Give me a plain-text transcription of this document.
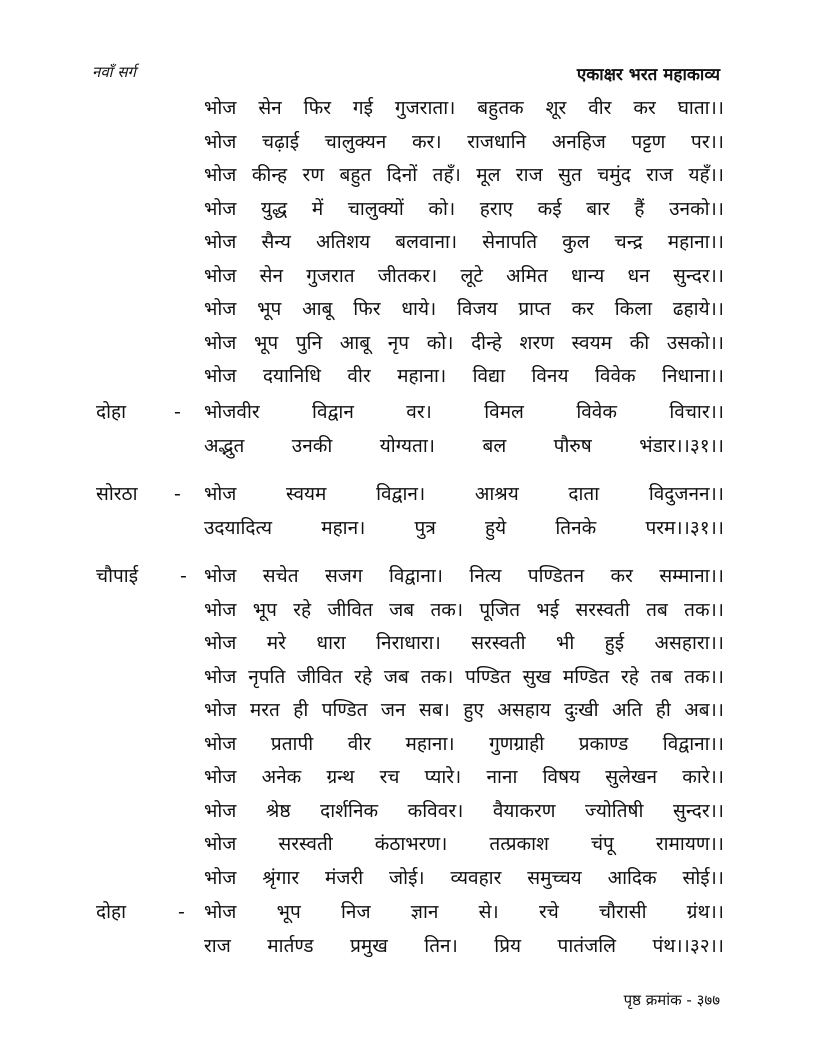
नवाँ सर्ग	एकाक्षर भरत महाकाव्य
भोज सेन फिर गई गुजराता। बहुतक शूर वीर कर घाता।।
भोज चढ़ाई चालुक्यन कर। राजधानि अनहिज पट्टण पर।।
भोज कीन्ह रण बहुत दिनों तहँ। मूल राज सुत चमुंद राज यहँ।।
भोज युद्ध में चालुक्यों को। हराए कई बार हैं उनको।।
भोज सैन्य अतिशय बलवाना। सेनापति कुल चन्द्र महाना।।
भोज सेन गुजरात जीतकर। लूटे अमित धान्य धन सुन्दर।।
भोज भूप आबू फिर धाये। विजय प्राप्त कर किला ढहाये।।
भोज भूप पुनि आबू नृप को। दीन्हे शरण स्वयम की उसको।।
भोज दयानिधि वीर महाना। विद्या विनय विवेक निधाना।।
दोहा	- भोजवीर विद्वान वर। विमल विवेक विचार।।
अद्भुत उनकी योग्यता। बल पौरुष भंडार।।३१।।
सोरठा - भोज स्वयम विद्वान। आश्रय दाता विदुजनन।।
उदयादित्य महान। पुत्र हुये तिनके परम।।३१।।
चौपाई - भोज सचेत सजग विद्वाना। नित्य पण्डितन कर सम्माना।।
भोज भूप रहे जीवित जब तक। पूजित भई सरस्वती तब तक।।
भोज मरे धारा निराधारा। सरस्वती भी हुई असहारा।।
भोज नृपति जीवित रहे जब तक। पण्डित सुख मण्डित रहे तब तक।।
भोज मरत ही पण्डित जन सब। हुए असहाय दुःखी अति ही अब।।
भोज प्रतापी वीर महाना। गुणग्राही प्रकाण्ड विद्वाना।।
भोज अनेक ग्रन्थ रच प्यारे। नाना विषय सुलेखन कारे।।
भोज श्रेष्ठ दार्शनिक कविवर। वैयाकरण ज्योतिषी सुन्दर।।
भोज सरस्वती कंठाभरण। तत्प्रकाश चंपू रामायण।।
भोज श्रृंगार मंजरी जोई। व्यवहार समुच्चय आदिक सोई।।
दोहा	- भोज भूप निज ज्ञान से। रचे चौरासी ग्रंथ।।
राज मार्तण्ड प्रमुख तिन। प्रिय पातंजलि पंथ।।३२।।
पृष्ठ क्रमांक - ३७७
